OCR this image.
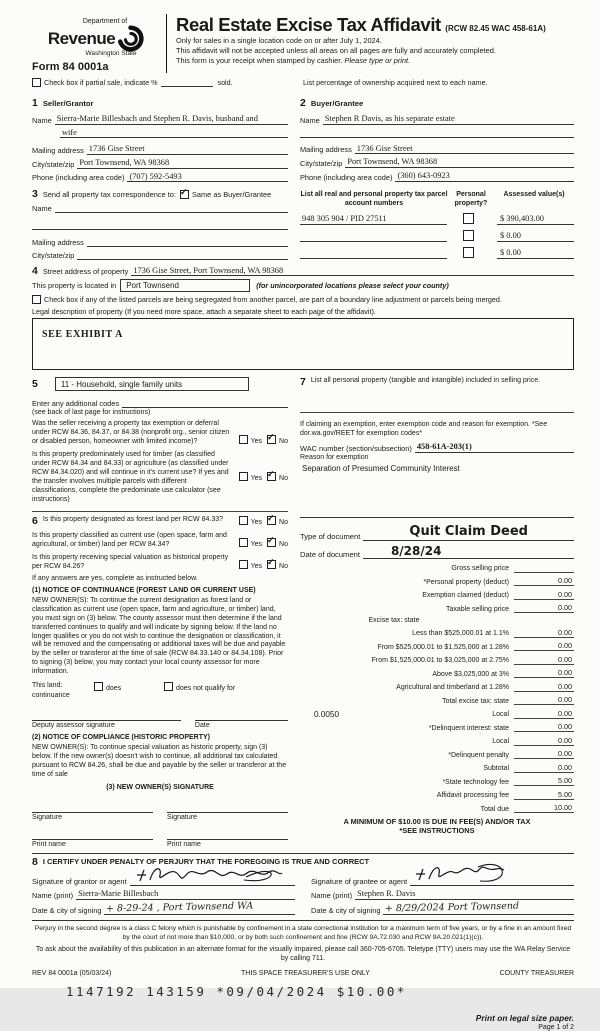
Department of
Revenue
Washington State
Form 84 0001a
Real Estate Excise Tax Affidavit (RCW 82.45 WAC 458-61A)
Only for sales in a single location code on or after July 1, 2024.
This affidavit will not be accepted unless all areas on all pages are fully and accurately completed.
This form is your receipt when stamped by cashier. Please type or print.
Check box if partial sale, indicate %	sold.	List percentage of ownership acquired next to each name.
1 Seller/Grantor
Name Sierra-Marie Billesbach and Stephen R. Davis, husband and
wife
Mailing address 1736 Gise Street
City/state/zip Port Townsend, WA 98368
Phone (including area code) (707) 592-5493
2 Buyer/Grantee
Name Stephen R Davis, as his separate estate
Mailing address 1736 Gise Street
City/state/zip Port Townsend, WA 98368
Phone (including area code) (360) 643-0923
3 Send all property tax correspondence to: ✓ Same as Buyer/Grantee
Name
Mailing address
City/state/zip
List all real and personal property tax parcel account numbers
Personal property?
Assessed value(s)
948 305 904 / PID 27511	$ 390,403.00
$ 0.00
$ 0.00
4 Street address of property 1736 Gise Street, Port Townsend, WA 98368
This property is located in	Port Townsend	(for unincorporated locations please select your county)
Check box if any of the listed parcels are being segregated from another parcel, are part of a boundary line adjustment or parcels being merged.
Legal description of property (If you need more space, attach a separate sheet to each page of the affidavit).
SEE EXHIBIT A
5	11 - Household, single family units
Enter any additional codes
(see back of last page for instructions)
Was the seller receiving a property tax exemption or deferral under RCW 84.36, 84.37, or 84.38 (nonprofit org., senior citizen or disabled person, homeowner with limited income)?	Yes ✓ No
Is this property predominately used for timber (as classified under RCW 84.34 and 84.33) or agriculture (as classified under RCW 84.34.020) and will continue in it's current use? If yes and the transfer involves multiple parcels with different classifications, complete the predominate use calculator (see instructions)
Yes ✓ No
7 List all personal property (tangible and intangible) included in selling price.
If claiming an exemption, enter exemption code and reason for exemption. *See dor.wa.gov/REET for exemption codes*
WAC number (section/subsection) 458-61A-203(1)
Reason for exemption
Separation of Presumed Community Interest
6 Is this property designated as forest land per RCW 84.33?	Yes ✓ No
Is this property classified as current use (open space, farm and agricultural, or timber) land per RCW 84.34?	Yes ✓ No
Is this property receiving special valuation as historical property per RCW 84.26?	Yes ✓ No
If any answers are yes, complete as instructed below.
(1) NOTICE OF CONTINUANCE (FOREST LAND OR CURRENT USE)
NEW OWNER(S): To continue the current designation as forest land or classification as current use (open space, farm and agriculture, or timber) land, you must sign on (3) below. The county assessor must then determine if the land transferred continues to qualify and will indicate by signing below. If the land no longer qualifies or you do not wish to continue the designation or classification, it will be removed and the compensating or additional taxes will be due and payable by the seller or transferor at the time of sale (RCW 84.33.140 or 84.34.108). Prior to signing (3) below, you may contact your local county assessor for more information.
This land:	does	does not qualify for
continuance
Deputy assessor signature	Date
(2) NOTICE OF COMPLIANCE (HISTORIC PROPERTY)
NEW OWNER(S): To continue special valuation as historic property, sign (3) below. If the new owner(s) doesn't wish to continue, all additional tax calculated pursuant to RCW 84.26, shall be due and payable by the seller or transferor at the time of sale
(3) NEW OWNER(S) SIGNATURE
Signature	Signature
Print name	Print name
Type of document	Quit Claim Deed
Date of document	8/28/24
Gross selling price
*Personal property (deduct)	0.00
Exemption claimed (deduct)	0.00
Taxable selling price	0.00
Excise tax: state
Less than $525,000.01 at 1.1%	0.00
From $525,000.01 to $1,525,000 at 1.28%	0.00
From $1,525,000.01 to $3,025,000 at 2.75%	0.00
Above $3,025,000 at 3%	0.00
Agricultural and timberland at 1.28%	0.00
Total excise tax: state	0.00
0.0050	Local	0.00
*Delinquent interest: state	0.00
Local	0.00
*Delinquent penalty	0.00
Subtotal	0.00
*State technology fee	5.00
Affidavit processing fee	5.00
Total due	10.00
A MINIMUM OF $10.00 IS DUE IN FEE(S) AND/OR TAX
*SEE INSTRUCTIONS
8 I CERTIFY UNDER PENALTY OF PERJURY THAT THE FOREGOING IS TRUE AND CORRECT
Signature of grantor or agent
Name (print) Sierra-Marie Billesbach
Date & city of signing + 8-29-24 , Port Townsend WA
Signature of grantee or agent
Name (print) Stephen R. Davis
Date & city of signing + 8/29/2024 Port Townsend
Perjury in the second degree is a class C felony which is punishable by confinement in a state correctional institution for a maximum term of five years, or by a fine in an amount fixed by the court of not more than $10,000, or by both such confinement and fine (RCW 9A.72.030 and RCW 9A.20.021(1)(c)).
To ask about the availability of this publication in an alternate format for the visually impaired, please call 360-705-6705. Teletype (TTY) users may use the WA Relay Service by calling 711.
REV 84 0001a (05/03/24)	THIS SPACE TREASURER'S USE ONLY	COUNTY TREASURER
1147192 143159 *09/04/2024 $10.00*
Print on legal size paper.
Page 1 of 2
